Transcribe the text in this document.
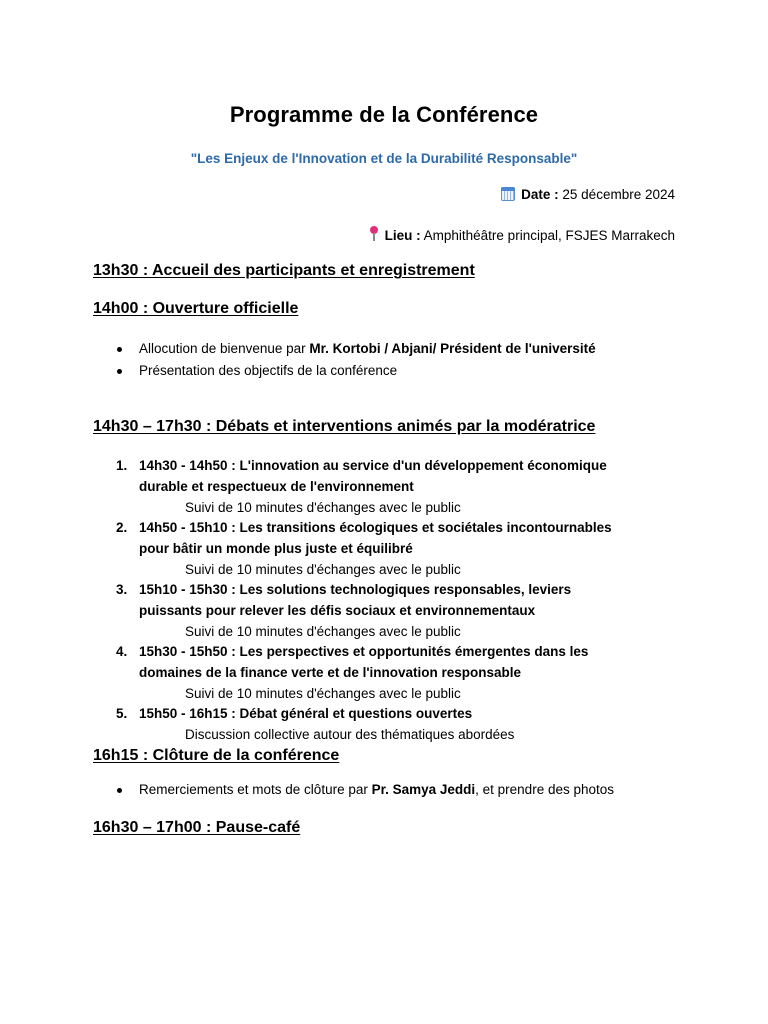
Programme de la Conférence
"Les Enjeux de l'Innovation et de la Durabilité Responsable"
Date : 25 décembre 2024
Lieu : Amphithéâtre principal, FSJES Marrakech
13h30 : Accueil des participants et enregistrement
14h00 : Ouverture officielle
Allocution de bienvenue par Mr. Kortobi / Abjani/ Président de l'université
Présentation des objectifs de la conférence
14h30 – 17h30 : Débats et interventions animés par la modératrice
1. 14h30 - 14h50 : L'innovation au service d'un développement économique
durable et respectueux de l'environnement
Suivi de 10 minutes d'échanges avec le public
2. 14h50 - 15h10 : Les transitions écologiques et sociétales incontournables
pour bâtir un monde plus juste et équilibré
Suivi de 10 minutes d'échanges avec le public
3. 15h10 - 15h30 : Les solutions technologiques responsables, leviers
puissants pour relever les défis sociaux et environnementaux
Suivi de 10 minutes d'échanges avec le public
4. 15h30 - 15h50 : Les perspectives et opportunités émergentes dans les
domaines de la finance verte et de l'innovation responsable
Suivi de 10 minutes d'échanges avec le public
5. 15h50 - 16h15 : Débat général et questions ouvertes
Discussion collective autour des thématiques abordées
16h15 : Clôture de la conférence
Remerciements et mots de clôture par Pr. Samya Jeddi, et prendre des photos
16h30 – 17h00 : Pause-café
